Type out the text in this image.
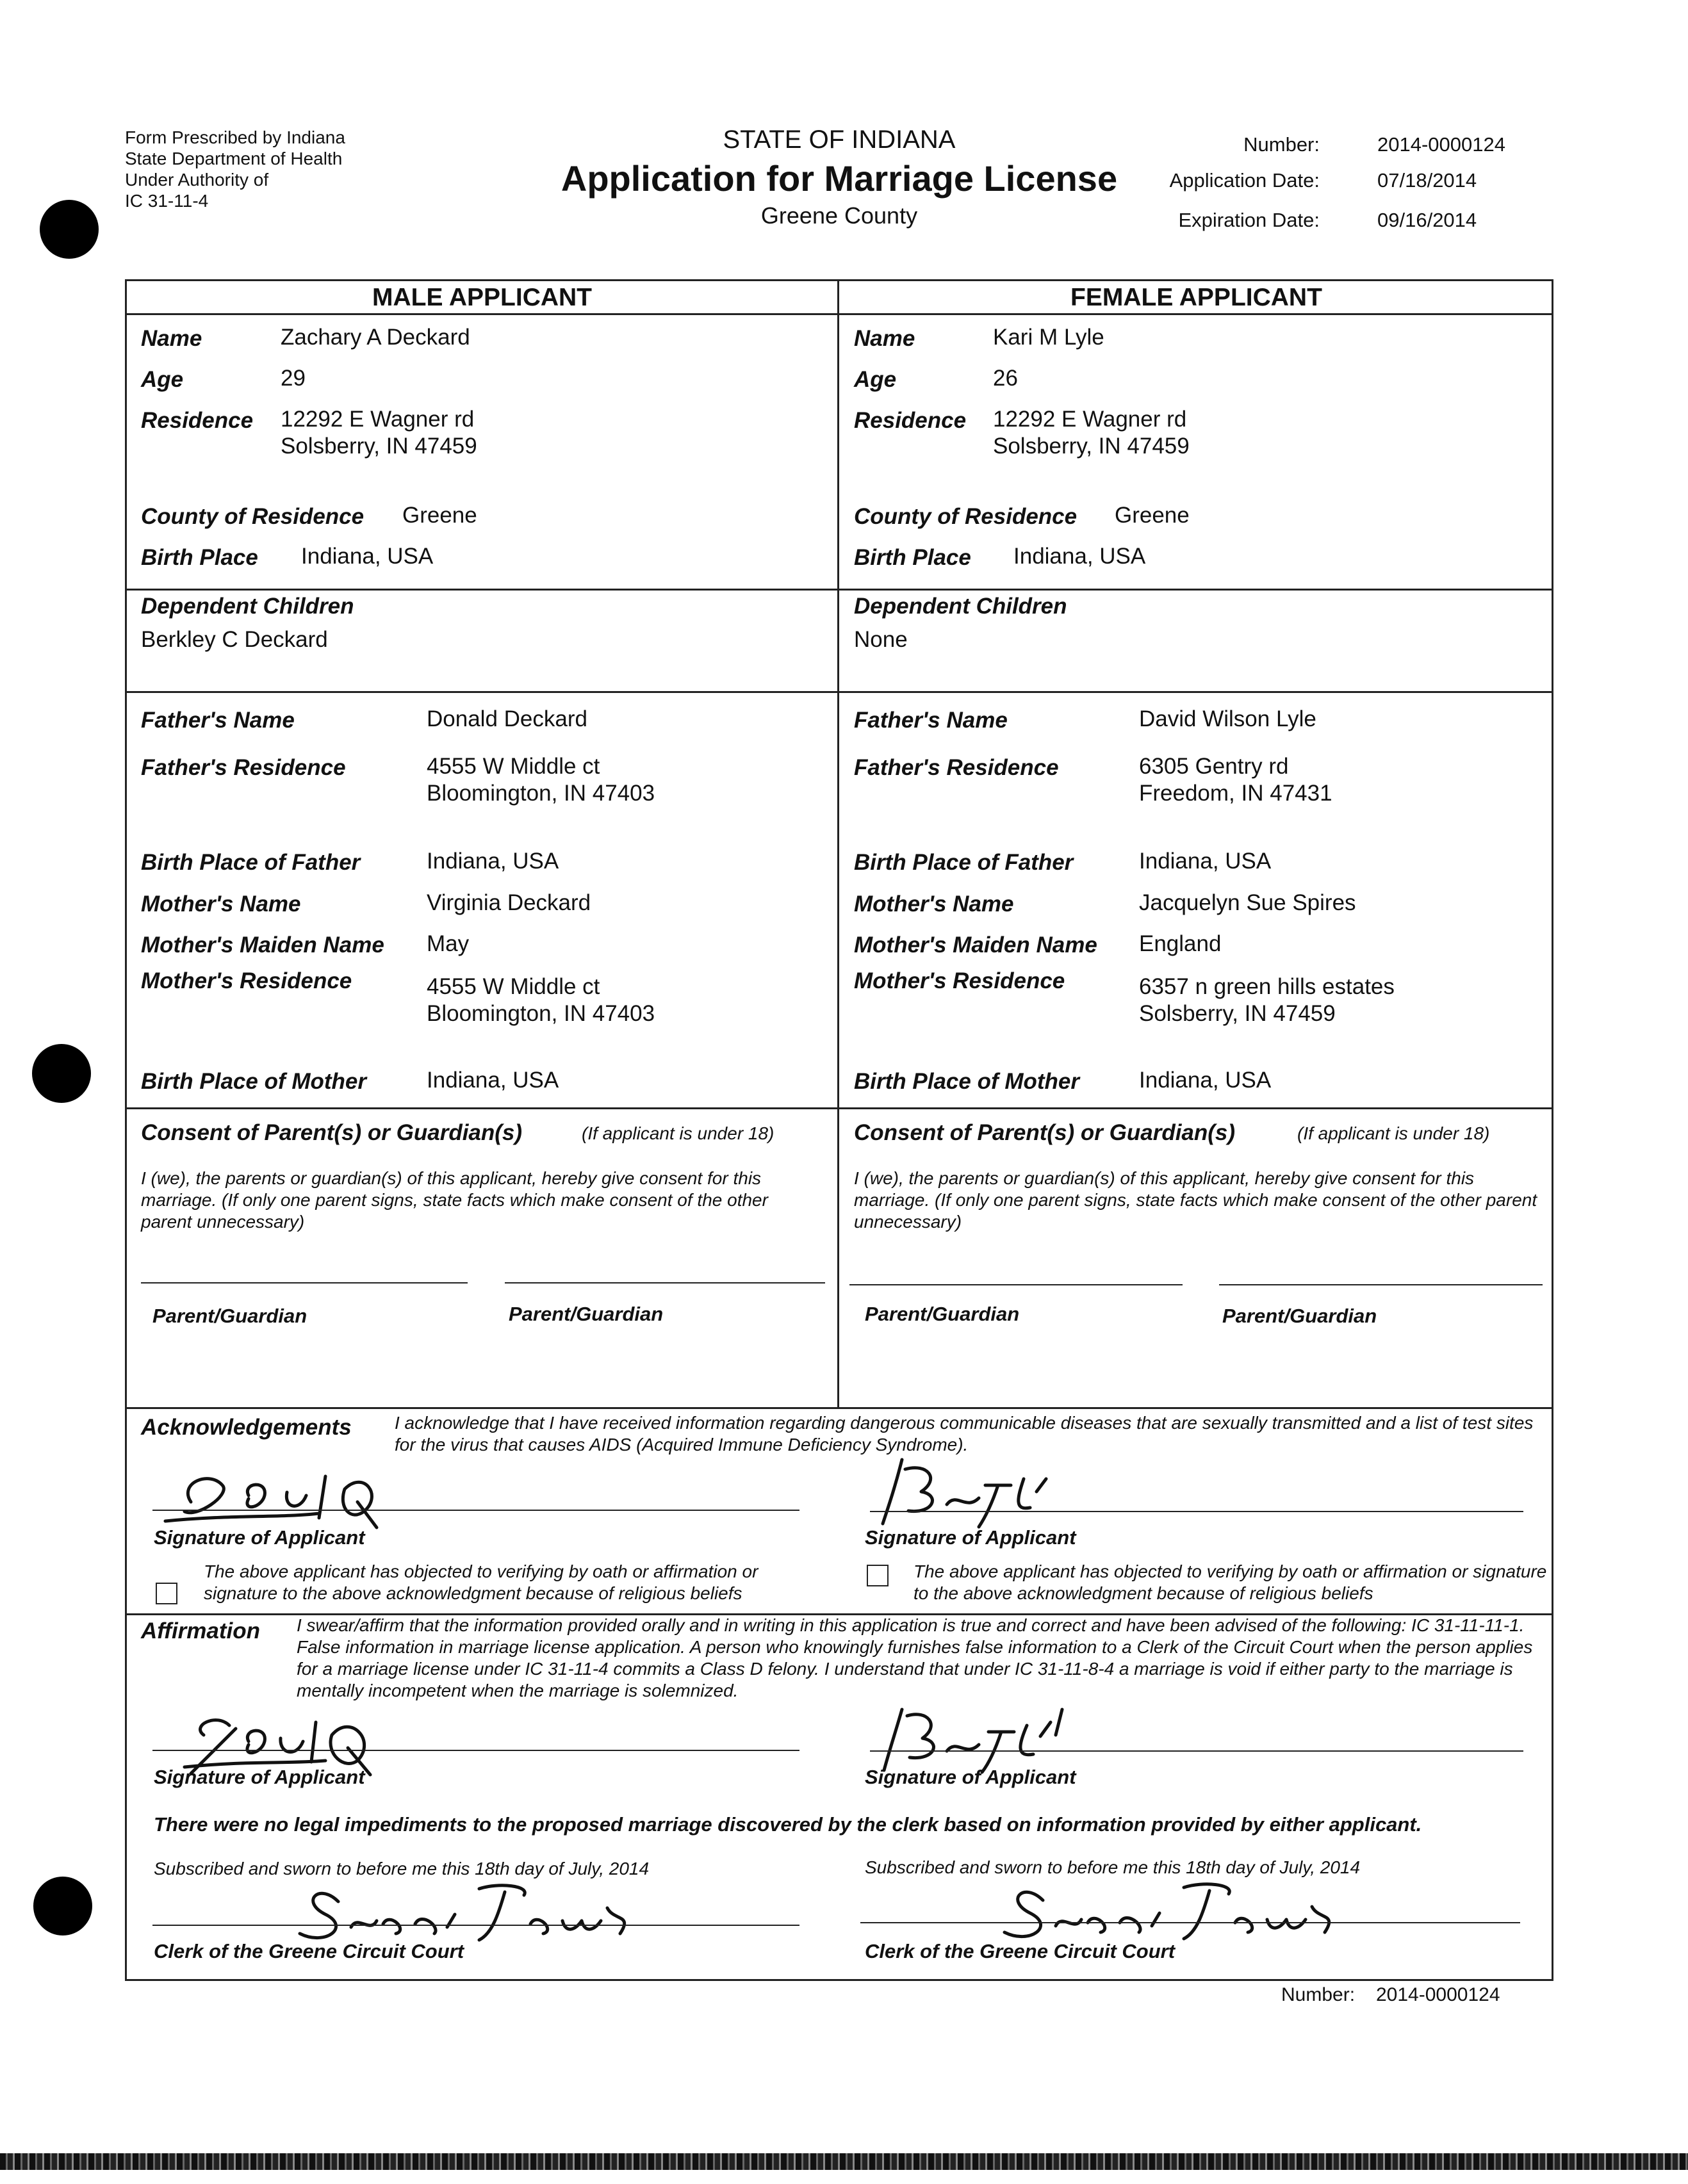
Form Prescribed by Indiana
State Department of Health
Under Authority of
IC 31-11-4
STATE OF INDIANA
Application for Marriage License
Greene County
Number:	2014-0000124
Application Date:	07/18/2014
Expiration Date:	09/16/2014
MALE APPLICANT	FEMALE APPLICANT
Name	Zachary A Deckard
Age	29
Residence 12292 E Wagner rd
Solsberry, IN 47459
County of Residence Greene
Birth Place Indiana, USA
Name	Kari M Lyle
Age	26
Residence 12292 E Wagner rd
Solsberry, IN 47459
County of Residence Greene
Birth Place Indiana, USA
Dependent Children
Berkley C Deckard
Dependent Children
None
Father's Name	Donald Deckard
Father's Residence	4555 W Middle ct
Bloomington, IN 47403
Birth Place of Father	Indiana, USA
Mother's Name	Virginia Deckard
Mother's Maiden Name May
Mother's Residence	4555 W Middle ct
Bloomington, IN 47403
Birth Place of Mother	Indiana, USA
Father's Name	David Wilson Lyle
Father's Residence	6305 Gentry rd
Freedom, IN 47431
Birth Place of Father	Indiana, USA
Mother's Name	Jacquelyn Sue Spires
Mother's Maiden Name England
Mother's Residence	6357 n green hills estates
Solsberry, IN 47459
Birth Place of Mother	Indiana, USA
Consent of Parent(s) or Guardian(s)	(If applicant is under 18)
I (we), the parents or guardian(s) of this applicant, hereby give consent for this marriage. (If only one parent signs, state facts which make consent of the other parent unnecessary)
Parent/Guardian	Parent/Guardian
Consent of Parent(s) or Guardian(s)	(If applicant is under 18)
I (we), the parents or guardian(s) of this applicant, hereby give consent for this marriage. (If only one parent signs, state facts which make consent of the other parent unnecessary)
Parent/Guardian	Parent/Guardian
Acknowledgements I acknowledge that I have received information regarding dangerous communicable diseases that are sexually transmitted and a list of test sites for the virus that causes AIDS (Acquired Immune Deficiency Syndrome).
Signature of Applicant
The above applicant has objected to verifying by oath or affirmation or signature to the above acknowledgment because of religious beliefs
Signature of Applicant
The above applicant has objected to verifying by oath or affirmation or signature to the above acknowledgment because of religious beliefs
Affirmation I swear/affirm that the information provided orally and in writing in this application is true and correct and have been advised of the following: IC 31-11-11-1. False information in marriage license application. A person who knowingly furnishes false information to a Clerk of the Circuit Court when the person applies for a marriage license under IC 31-11-4 commits a Class D felony. I understand that under IC 31-11-8-4 a marriage is void if either party to the marriage is mentally incompetent when the marriage is solemnized.
Signature of Applicant	Signature of Applicant
There were no legal impediments to the proposed marriage discovered by the clerk based on information provided by either applicant.
Subscribed and sworn to before me this 18th day of July, 2014
Clerk of the Greene Circuit Court
Subscribed and sworn to before me this 18th day of July, 2014
Clerk of the Greene Circuit Court
Number: 2014-0000124
